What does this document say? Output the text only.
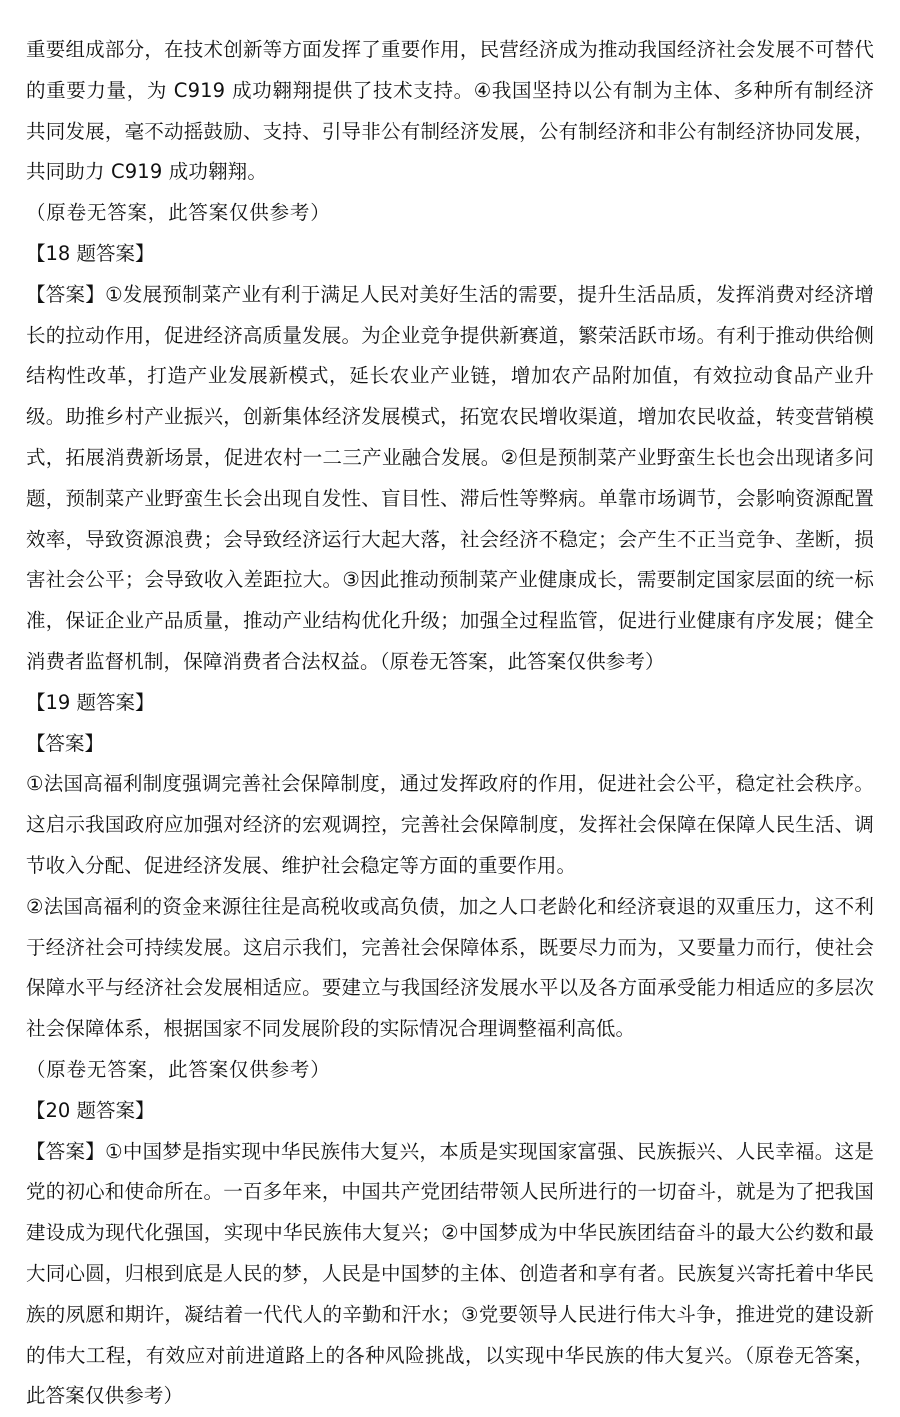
重要组成部分，在技术创新等方面发挥了重要作用，民营经济成为推动我国经济社会发展不可替代的重要力量，为 C919 成功翱翔提供了技术支持。④我国坚持以公有制为主体、多种所有制经济共同发展，毫不动摇鼓励、支持、引导非公有制经济发展，公有制经济和非公有制经济协同发展，共同助力 C919 成功翱翔。

（原卷无答案，此答案仅供参考）

【18 题答案】

【答案】①发展预制菜产业有利于满足人民对美好生活的需要，提升生活品质，发挥消费对经济增长的拉动作用，促进经济高质量发展。为企业竞争提供新赛道，繁荣活跃市场。有利于推动供给侧结构性改革，打造产业发展新模式，延长农业产业链，增加农产品附加值，有效拉动食品产业升级。助推乡村产业振兴，创新集体经济发展模式，拓宽农民增收渠道，增加农民收益，转变营销模式，拓展消费新场景，促进农村一二三产业融合发展。②但是预制菜产业野蛮生长也会出现诸多问题，预制菜产业野蛮生长会出现自发性、盲目性、滞后性等弊病。单靠市场调节，会影响资源配置效率，导致资源浪费；会导致经济运行大起大落，社会经济不稳定；会产生不正当竞争、垄断，损害社会公平；会导致收入差距拉大。③因此推动预制菜产业健康成长，需要制定国家层面的统一标准，保证企业产品质量，推动产业结构优化升级；加强全过程监管，促进行业健康有序发展；健全消费者监督机制，保障消费者合法权益。（原卷无答案，此答案仅供参考）

【19 题答案】

【答案】

①法国高福利制度强调完善社会保障制度，通过发挥政府的作用，促进社会公平，稳定社会秩序。这启示我国政府应加强对经济的宏观调控，完善社会保障制度，发挥社会保障在保障人民生活、调节收入分配、促进经济发展、维护社会稳定等方面的重要作用。

②法国高福利的资金来源往往是高税收或高负债，加之人口老龄化和经济衰退的双重压力，这不利于经济社会可持续发展。这启示我们，完善社会保障体系，既要尽力而为，又要量力而行，使社会保障水平与经济社会发展相适应。要建立与我国经济发展水平以及各方面承受能力相适应的多层次社会保障体系，根据国家不同发展阶段的实际情况合理调整福利高低。

（原卷无答案，此答案仅供参考）

【20 题答案】

【答案】①中国梦是指实现中华民族伟大复兴，本质是实现国家富强、民族振兴、人民幸福。这是党的初心和使命所在。一百多年来，中国共产党团结带领人民所进行的一切奋斗，就是为了把我国建设成为现代化强国，实现中华民族伟大复兴；②中国梦成为中华民族团结奋斗的最大公约数和最大同心圆，归根到底是人民的梦，人民是中国梦的主体、创造者和享有者。民族复兴寄托着中华民族的夙愿和期许，凝结着一代代人的辛勤和汗水；③党要领导人民进行伟大斗争，推进党的建设新的伟大工程，有效应对前进道路上的各种风险挑战，以实现中华民族的伟大复兴。（原卷无答案，此答案仅供参考）
